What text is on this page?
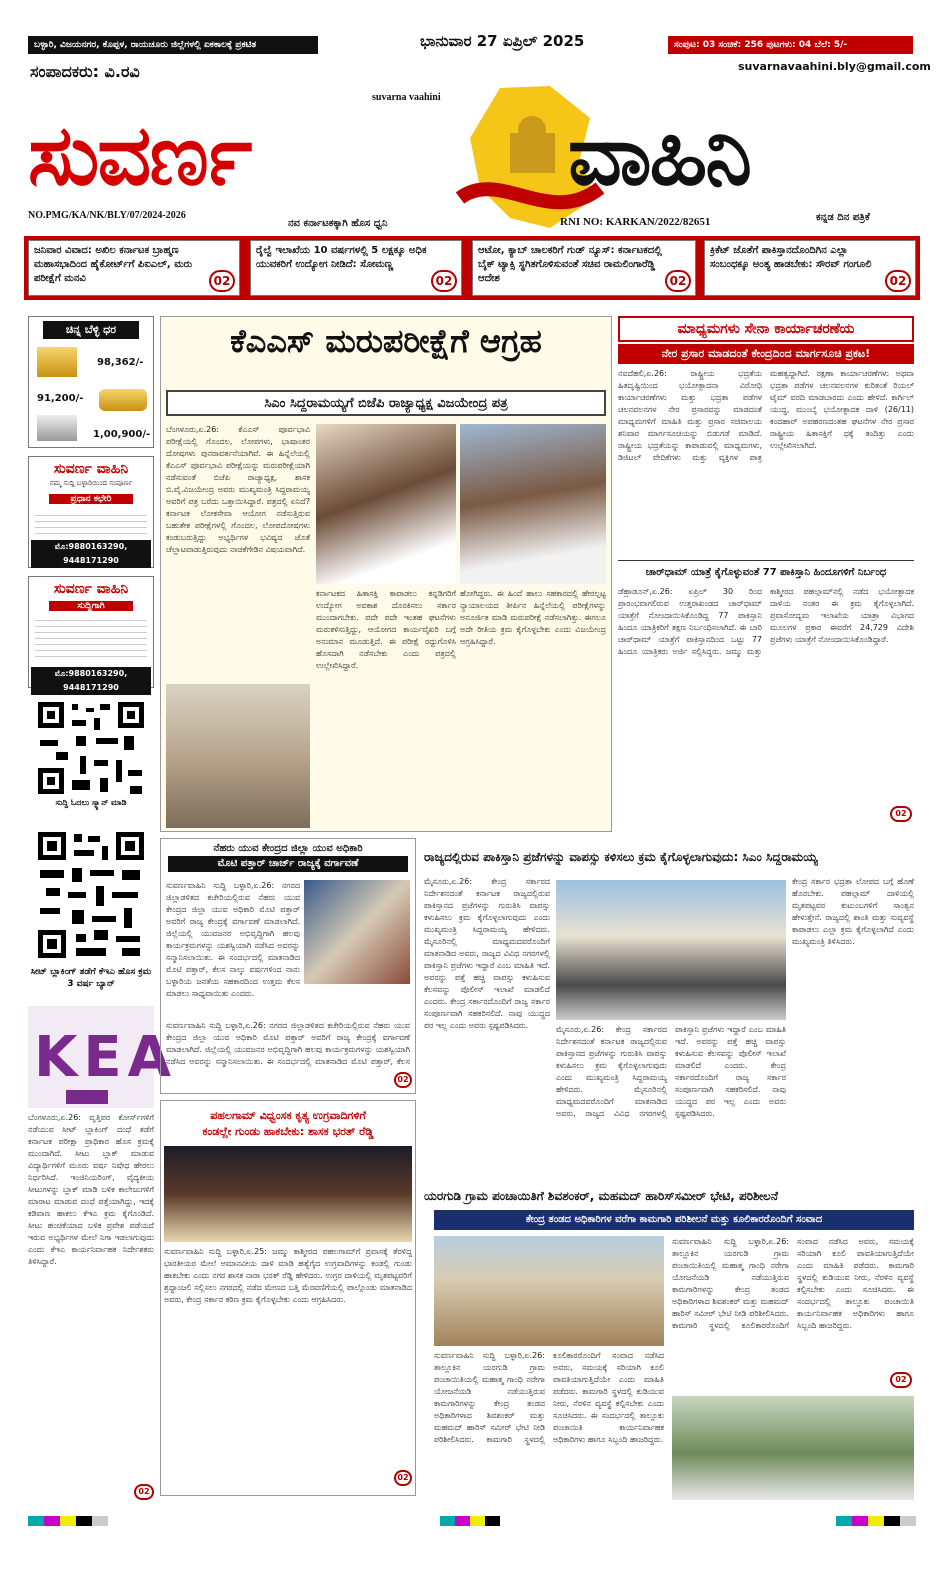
ಬಳ್ಳಾರಿ, ವಿಜಯನಗರ, ಕೊಪ್ಪಳ, ರಾಯಚೂರು ಜಿಲ್ಲೆಗಳಲ್ಲಿ ಏಕಕಾಲಕ್ಕೆ ಪ್ರಕಟಿತ	ಭಾನುವಾರ 27 ಏಪ್ರಿಲ್ 2025	ಸಂಪುಟ: 03 ಸಂಚಿಕೆ: 256 ಪುಟಗಳು: 04 ಬೆಲೆ: 5/-
ಸಂಪಾದಕರು: ವಿ.ರವಿ	suvarnavaahini.bly@gmail.com
suvarna vaahini
ಸುವರ್ಣ	ವಾಹಿನಿ
NO.PMG/KA/NK/BLY/07/2024-2026
ನವ ಕರ್ನಾಟಕಕ್ಕಾಗಿ ಹೊಸ ಧ್ವನಿ	RNI NO: KARKAN/2022/82651	ಕನ್ನಡ ದಿನ ಪತ್ರಿಕೆ
ಜನಿವಾರ ವಿವಾದ: ಅಖಿಲ ಕರ್ನಾಟಕ ಬ್ರಾಹ್ಮಣ ಮಹಾಸಭಾದಿಂದ ಹೈಕೋರ್ಟ್‌ಗೆ ಪಿಐಎಲ್, ಮರು ಪರೀಕ್ಷೆಗೆ ಮನವಿ	02
ರೈಲ್ವೆ ಇಲಾಖೆಯ 10 ವರ್ಷಗಳಲ್ಲಿ 5 ಲಕ್ಷಕ್ಕೂ ಅಧಿಕ ಯುವಕರಿಗೆ ಉದ್ಯೋಗ ನೀಡಿದೆ: ಸೋಮಣ್ಣ
02
ಆಟೋ, ಕ್ಯಾಬ್ ಚಾಲಕರಿಗೆ ಗುಡ್ ನ್ಯೂಸ್: ಕರ್ನಾಟಕದಲ್ಲಿ ಬೈಕ್ ಟ್ಯಾಕ್ಸಿ ಸ್ಥಗಿತಗೊಳಿಸುವಂತೆ ಸಚಿವ ರಾಮಲಿಂಗಾರೆಡ್ಡಿ ಆದೇಶ	02
ಕ್ರಿಕೆಟ್ ಜೊತೆಗೆ ಪಾಕಿಸ್ತಾನದೊಂದಿಗಿನ ಎಲ್ಲಾ ಸಂಬಂಧಕ್ಕೂ ಅಂತ್ಯ ಹಾಡಬೇಕು: ಸೌರವ್ ಗಂಗೂಲಿ
02
ಚಿನ್ನ ಬೆಳ್ಳಿ ಧರ
98,362/-
91,200/-
1,00,900/-
ಸುವರ್ಣ ವಾಹಿನಿ
ನಮ್ಮ ಸುದ್ದಿ ಬಳ್ಳಾರಿಯಿಂದ ಸಂಪೂರ್ಣ
ಪ್ರಧಾನ ಕಛೇರಿ
ಮೊ:9880163290, 9448171290
ಸುವರ್ಣ ವಾಹಿನಿ
ಸುದ್ದಿಗಾಗಿ
ಮೊ:9880163290, 9448171290
ಸುದ್ದಿ ಓದಲು ಸ್ಕ್ಯಾನ್ ಮಾಡಿ
ಸೀಟ್ ಬ್ಲಾಕಿಂಗ್ ತಡೆಗೆ ಕೆಇಎ ಹೊಸ ಕ್ರಮ 3 ವರ್ಷ ಬ್ಯಾನ್
KEA
ಬೆಂಗಳೂರು,ಏ.26: ವೃತ್ತಿಪರ ಕೋರ್ಸ್‌ಗಳಿಗೆ ನಡೆಯುವ ಸೀಟ್ ಬ್ಲಾಕಿಂಗ್ ದಂಧೆ ತಡೆಗೆ ಕರ್ನಾಟಕ ಪರೀಕ್ಷಾ ಪ್ರಾಧಿಕಾರ ಹೊಸ ಕ್ರಮಕ್ಕೆ ಮುಂದಾಗಿದೆ. ಸೀಟು ಬ್ಲಾಕ್ ಮಾಡುವ ವಿದ್ಯಾರ್ಥಿಗಳಿಗೆ ಮೂರು ವರ್ಷ ನಿಷೇಧ ಹೇರಲು ನಿರ್ಧರಿಸಿದೆ. ಇಂಜಿನಿಯರಿಂಗ್, ವೈದ್ಯಕೀಯ ಸೀಟುಗಳನ್ನು ಬ್ಲಾಕ್ ಮಾಡಿ ಬಳಿಕ ಕಾಲೇಜುಗಳಿಗೆ ಮಾರಾಟ ಮಾಡುವ ದಂಧೆ ಪತ್ತೆಯಾಗಿದ್ದು, ಇದಕ್ಕೆ ಕಡಿವಾಣ ಹಾಕಲು ಕೆಇಎ ಕ್ರಮ ಕೈಗೊಂಡಿದೆ. ಸೀಟು ಹಂಚಿಕೆಯಾದ ಬಳಿಕ ಪ್ರವೇಶ ಪಡೆಯದೆ ಇರುವ ಅಭ್ಯರ್ಥಿಗಳ ಮೇಲೆ ನಿಗಾ ಇಡಲಾಗುವುದು ಎಂದು ಕೆಇಎ ಕಾರ್ಯನಿರ್ವಾಹಕ ನಿರ್ದೇಶಕರು ತಿಳಿಸಿದ್ದಾರೆ.
02
ಕೆಎಎಸ್ ಮರುಪರೀಕ್ಷೆಗೆ ಆಗ್ರಹ
ಸಿಎಂ ಸಿದ್ದರಾಮಯ್ಯಗೆ ಬಿಜೆಪಿ ರಾಜ್ಯಾಧ್ಯಕ್ಷ ವಿಜಯೇಂದ್ರ ಪತ್ರ
ಬೆಂಗಳೂರು,ಏ.26: ಕೆಎಎಸ್ ಪೂರ್ವಭಾವಿ ಪರೀಕ್ಷೆಯಲ್ಲಿ ಗೊಂದಲ, ಲೋಪಗಳು, ಭಾಷಾಂತರ ದೋಷಗಳು ಪುನರಾವರ್ತನೆಯಾಗಿವೆ. ಈ ಹಿನ್ನೆಲೆಯಲ್ಲಿ ಕೆಎಎಸ್ ಪೂರ್ವಭಾವಿ ಪರೀಕ್ಷೆಯನ್ನು ಮರುಪರೀಕ್ಷೆಯಾಗಿ ನಡೆಸುವಂತೆ ಬಿಜೆಪಿ ರಾಜ್ಯಾಧ್ಯಕ್ಷ, ಶಾಸಕ ಬಿ.ವೈ.ವಿಜಯೇಂದ್ರ ಅವರು ಮುಖ್ಯಮಂತ್ರಿ ಸಿದ್ದರಾಮಯ್ಯ ಅವರಿಗೆ ಪತ್ರ ಬರೆದು ಒತ್ತಾಯಿಸಿದ್ದಾರೆ. ಪತ್ರದಲ್ಲಿ ಏನಿದೆ? ಕರ್ನಾಟಕ ಲೋಕಸೇವಾ ಆಯೋಗ ನಡೆಸುತ್ತಿರುವ ಬಹುತೇಕ ಪರೀಕ್ಷೆಗಳಲ್ಲಿ ಗೊಂದಲ, ಲೋಪದೋಷಗಳು ಕಂಡುಬರುತ್ತಿದ್ದು ಅಭ್ಯರ್ಥಿಗಳ ಭವಿಷ್ಯದ ಜೊತೆ ಚೆಲ್ಲಾಟವಾಡುತ್ತಿರುವುದು ನಾಚಿಕೆಗೇಡಿನ ವಿಷಯವಾಗಿದೆ.
ಕರ್ನಾಟಕದ ಹಿತಾಸಕ್ತಿ ಕಾಪಾಡಲು ಕನ್ನಡಿಗರಿಗೆ ಉದ್ಯೋಗ ಅವಕಾಶ ದೊರಕಿಸಲು ಸರ್ಕಾರ ಮುಂದಾಗಬೇಕು. ಪದೇ ಪದೇ ಇಂತಹ ಘಟನೆಗಳು ಮರುಕಳಿಸುತ್ತಿದ್ದು, ಆಯೋಗದ ಕಾರ್ಯವೈಖರಿ ಬಗ್ಗೆ ಅನುಮಾನ ಮೂಡುತ್ತಿದೆ. ಈ ಪರೀಕ್ಷೆ ರದ್ದುಗೊಳಿಸಿ ಹೊಸದಾಗಿ ನಡೆಸಬೇಕು ಎಂದು ಪತ್ರದಲ್ಲಿ ಉಲ್ಲೇಖಿಸಿದ್ದಾರೆ.
ಹೋಗಿದ್ದರು. ಈ ಹಿಂದೆ ಹಾಲು ಸಹಕಾರದಲ್ಲಿ ಹೇರಲ್ಪಟ್ಟ ನ್ಯಾಯಾಲಯದ ತೀರ್ಪಿನ ಹಿನ್ನೆಲೆಯಲ್ಲಿ ಪರೀಕ್ಷೆಗಳನ್ನು ಅನೂರ್ಜಿತ ಮಾಡಿ ಮರುಪರೀಕ್ಷೆ ನಡೆಸಲಾಗಿತ್ತು. ಈಗಲೂ ಅದೇ ರೀತಿಯ ಕ್ರಮ ಕೈಗೊಳ್ಳಬೇಕು ಎಂದು ವಿಜಯೇಂದ್ರ ಆಗ್ರಹಿಸಿದ್ದಾರೆ.
ಮಾಧ್ಯಮಗಳು ಸೇನಾ ಕಾರ್ಯಾಚರಣೆಯ
ನೇರ ಪ್ರಸಾರ ಮಾಡದಂತೆ ಕೇಂದ್ರದಿಂದ ಮಾರ್ಗಸೂಚಿ ಪ್ರಕಟ!
ನವದೆಹಲಿ,ಏ.26: ರಾಷ್ಟ್ರೀಯ ಭದ್ರತೆಯ ಹಿತದೃಷ್ಟಿಯಿಂದ ಭಯೋತ್ಪಾದನಾ ವಿರೋಧಿ ಕಾರ್ಯಾಚರಣೆಗಳು ಮತ್ತು ಭದ್ರತಾ ಪಡೆಗಳ ಚಲನವಲನಗಳ ನೇರ ಪ್ರಸಾರವನ್ನು ಮಾಡದಂತೆ ಮಾಧ್ಯಮಗಳಿಗೆ ಮಾಹಿತಿ ಮತ್ತು ಪ್ರಸಾರ ಸಚಿವಾಲಯ ಶನಿವಾರ ಮಾರ್ಗಸೂಚಿಯನ್ನು ಬಿಡುಗಡೆ ಮಾಡಿದೆ. ರಾಷ್ಟ್ರೀಯ ಭದ್ರತೆಯನ್ನು ಕಾಪಾಡುವಲ್ಲಿ ಮಾಧ್ಯಮಗಳು, ಡಿಜಿಟಲ್ ವೇದಿಕೆಗಳು ಮತ್ತು ವ್ಯಕ್ತಿಗಳ ಪಾತ್ರ ಮಹತ್ವದ್ದಾಗಿದೆ. ರಕ್ಷಣಾ ಕಾರ್ಯಾಚರಣೆಗಳು ಅಥವಾ ಭದ್ರತಾ ಪಡೆಗಳ ಚಲನವಲನಗಳ ಕುರಿತಂತೆ ರಿಯಲ್ ಟೈಮ್ ವರದಿ ಮಾಡಬಾರದು ಎಂದು ಹೇಳಿದೆ. ಕಾರ್ಗಿಲ್ ಯುದ್ಧ, ಮುಂಬೈ ಭಯೋತ್ಪಾದಕ ದಾಳಿ (26/11) ಕಂದಹಾರ್ ಅಪಹರಣದಂತಹ ಘಟನೆಗಳ ನೇರ ಪ್ರಸಾರ ರಾಷ್ಟ್ರೀಯ ಹಿತಾಸಕ್ತಿಗೆ ಧಕ್ಕೆ ತಂದಿತ್ತು ಎಂದು ಉಲ್ಲೇಖಿಸಲಾಗಿದೆ.
ಚಾರ್‌ಧಾಮ್ ಯಾತ್ರೆ ಕೈಗೊಳ್ಳುವಂತೆ 77 ಪಾಕಿಸ್ತಾನಿ ಹಿಂದೂಗಳಿಗೆ ನಿರ್ಬಂಧ
ಡೆಹ್ರಾಡೂನ್,ಏ.26: ಏಪ್ರಿಲ್ 30 ರಿಂದ ಪ್ರಾರಂಭವಾಗಲಿರುವ ಉತ್ತರಾಖಂಡದ ಚಾರ್‌ಧಾಮ್ ಯಾತ್ರೆಗೆ ನೋಂದಾಯಿಸಿಕೊಂಡಿದ್ದ 77 ಪಾಕಿಸ್ತಾನಿ ಹಿಂದೂ ಯಾತ್ರಿಕರಿಗೆ ತಕ್ಷಣ ನಿರ್ಬಂಧಿಸಲಾಗಿದೆ. ಈ ಬಾರಿ ಚಾರ್‌ಧಾಮ್ ಯಾತ್ರೆಗೆ ಪಾಕಿಸ್ತಾನದಿಂದ ಒಟ್ಟು 77 ಹಿಂದೂ ಯಾತ್ರಿಕರು ಅರ್ಜಿ ಸಲ್ಲಿಸಿದ್ದರು. ಜಮ್ಮು ಮತ್ತು ಕಾಶ್ಮೀರದ ಪಹಲ್ಗಾಮ್‌ನಲ್ಲಿ ನಡೆದ ಭಯೋತ್ಪಾದಕ ದಾಳಿಯ ನಂತರ ಈ ಕ್ರಮ ಕೈಗೊಳ್ಳಲಾಗಿದೆ. ಪ್ರವಾಸೋದ್ಯಮ ಇಲಾಖೆಯ ಯಾತ್ರಾ ವಿಭಾಗದ ಮೂಲಗಳ ಪ್ರಕಾರ ಈವರೆಗೆ 24,729 ವಿದೇಶಿ ಪ್ರಜೆಗಳು ಯಾತ್ರೆಗೆ ನೋಂದಾಯಿಸಿಕೊಂಡಿದ್ದಾರೆ.
02
ನೆಹರು ಯುವ ಕೇಂದ್ರದ ಜಿಲ್ಲಾ ಯುವ ಅಧಿಕಾರಿ
ಮೊಟಿ ಪತ್ತಾರ್ ಚಾರ್ಜ್ ರಾಜ್ಯಕ್ಕೆ ವರ್ಗಾವಣೆ
ಸುವರ್ಣವಾಹಿನಿ ಸುದ್ದಿ ಬಳ್ಳಾರಿ,ಏ.26: ನಗರದ ಜಿಲ್ಲಾಡಳಿತದ ಕಚೇರಿಯಲ್ಲಿರುವ ನೆಹರು ಯುವ ಕೇಂದ್ರದ ಜಿಲ್ಲಾ ಯುವ ಅಧಿಕಾರಿ ಮೊಟಿ ಪತ್ತಾರ್ ಅವರಿಗೆ ರಾಜ್ಯ ಕೇಂದ್ರಕ್ಕೆ ವರ್ಗಾವಣೆ ಮಾಡಲಾಗಿದೆ. ಜಿಲ್ಲೆಯಲ್ಲಿ ಯುವಜನರ ಅಭಿವೃದ್ಧಿಗಾಗಿ ಹಲವು ಕಾರ್ಯಕ್ರಮಗಳನ್ನು ಯಶಸ್ವಿಯಾಗಿ ನಡೆಸಿದ ಅವರನ್ನು ಸನ್ಮಾನಿಸಲಾಯಿತು. ಈ ಸಂದರ್ಭದಲ್ಲಿ ಮಾತನಾಡಿದ ಮೊಟಿ ಪತ್ತಾರ್, ಕೆಲಸ ನಾಲ್ಕು ವರ್ಷಗಳಿಂದ ನಾನು ಬಳ್ಳಾರಿಯ ಜನತೆಯ ಸಹಕಾರದಿಂದ ಉತ್ತಮ ಕೆಲಸ ಮಾಡಲು ಸಾಧ್ಯವಾಯಿತು ಎಂದರು.
ಸುವರ್ಣವಾಹಿನಿ ಸುದ್ದಿ ಬಳ್ಳಾರಿ,ಏ.26: ನಗರದ ಜಿಲ್ಲಾಡಳಿತದ ಕಚೇರಿಯಲ್ಲಿರುವ ನೆಹರು ಯುವ ಕೇಂದ್ರದ ಜಿಲ್ಲಾ ಯುವ ಅಧಿಕಾರಿ ಮೊಟಿ ಪತ್ತಾರ್ ಅವರಿಗೆ ರಾಜ್ಯ ಕೇಂದ್ರಕ್ಕೆ ವರ್ಗಾವಣೆ ಮಾಡಲಾಗಿದೆ. ಜಿಲ್ಲೆಯಲ್ಲಿ ಯುವಜನರ ಅಭಿವೃದ್ಧಿಗಾಗಿ ಹಲವು ಕಾರ್ಯಕ್ರಮಗಳನ್ನು ಯಶಸ್ವಿಯಾಗಿ ನಡೆಸಿದ ಅವರನ್ನು ಸನ್ಮಾನಿಸಲಾಯಿತು. ಈ ಸಂದರ್ಭದಲ್ಲಿ ಮಾತನಾಡಿದ ಮೊಟಿ ಪತ್ತಾರ್, ಕೆಲಸ
02
ರಾಜ್ಯದಲ್ಲಿರುವ ಪಾಕಿಸ್ತಾನಿ ಪ್ರಜೆಗಳನ್ನು ವಾಪಸ್ಸು ಕಳಿಸಲು ಕ್ರಮ ಕೈಗೊಳ್ಳಲಾಗುವುದು: ಸಿಎಂ ಸಿದ್ದರಾಮಯ್ಯ
ಮೈಸೂರು,ಏ.26: ಕೇಂದ್ರ ಸರ್ಕಾರದ ನಿರ್ದೇಶನದಂತೆ ಕರ್ನಾಟಕ ರಾಜ್ಯದಲ್ಲಿರುವ ಪಾಕಿಸ್ತಾನದ ಪ್ರಜೆಗಳನ್ನು ಗುರುತಿಸಿ ವಾಪಸ್ಸು ಕಳುಹಿಸಲು ಕ್ರಮ ಕೈಗೊಳ್ಳಲಾಗುವುದು ಎಂದು ಮುಖ್ಯಮಂತ್ರಿ ಸಿದ್ದರಾಮಯ್ಯ ಹೇಳಿದರು. ಮೈಸೂರಿನಲ್ಲಿ ಮಾಧ್ಯಮದವರೊಂದಿಗೆ ಮಾತನಾಡಿದ ಅವರು, ರಾಜ್ಯದ ವಿವಿಧ ನಗರಗಳಲ್ಲಿ ಪಾಕಿಸ್ತಾನಿ ಪ್ರಜೆಗಳು ಇದ್ದಾರೆ ಎಂಬ ಮಾಹಿತಿ ಇದೆ. ಅವರನ್ನು ಪತ್ತೆ ಹಚ್ಚಿ ವಾಪಸ್ಸು ಕಳುಹಿಸುವ ಕೆಲಸವನ್ನು ಪೊಲೀಸ್ ಇಲಾಖೆ ಮಾಡಲಿದೆ ಎಂದರು. ಕೇಂದ್ರ ಸರ್ಕಾರದೊಂದಿಗೆ ರಾಜ್ಯ ಸರ್ಕಾರ ಸಂಪೂರ್ಣವಾಗಿ ಸಹಕರಿಸಲಿದೆ. ನಾವು ಯುದ್ಧದ ಪರ ಇಲ್ಲ ಎಂದು ಅವರು ಸ್ಪಷ್ಟಪಡಿಸಿದರು.	ಮೈಸೂರು,ಏ.26: ಕೇಂದ್ರ ಸರ್ಕಾರದ ನಿರ್ದೇಶನದಂತೆ ಕರ್ನಾಟಕ ರಾಜ್ಯದಲ್ಲಿರುವ ಪಾಕಿಸ್ತಾನದ ಪ್ರಜೆಗಳನ್ನು ಗುರುತಿಸಿ ವಾಪಸ್ಸು ಕಳುಹಿಸಲು ಕ್ರಮ ಕೈಗೊಳ್ಳಲಾಗುವುದು ಎಂದು ಮುಖ್ಯಮಂತ್ರಿ ಸಿದ್ದರಾಮಯ್ಯ ಹೇಳಿದರು. ಮೈಸೂರಿನಲ್ಲಿ ಮಾಧ್ಯಮದವರೊಂದಿಗೆ ಮಾತನಾಡಿದ ಅವರು, ರಾಜ್ಯದ ವಿವಿಧ ನಗರಗಳಲ್ಲಿ ಪಾಕಿಸ್ತಾನಿ ಪ್ರಜೆಗಳು ಇದ್ದಾರೆ ಎಂಬ ಮಾಹಿತಿ ಇದೆ. ಅವರನ್ನು ಪತ್ತೆ ಹಚ್ಚಿ ವಾಪಸ್ಸು ಕಳುಹಿಸುವ ಕೆಲಸವನ್ನು ಪೊಲೀಸ್ ಇಲಾಖೆ ಮಾಡಲಿದೆ ಎಂದರು. ಕೇಂದ್ರ ಸರ್ಕಾರದೊಂದಿಗೆ ರಾಜ್ಯ ಸರ್ಕಾರ ಸಂಪೂರ್ಣವಾಗಿ ಸಹಕರಿಸಲಿದೆ. ನಾವು ಯುದ್ಧದ ಪರ ಇಲ್ಲ ಎಂದು ಅವರು ಸ್ಪಷ್ಟಪಡಿಸಿದರು.
ಕೇಂದ್ರ ಸರ್ಕಾರ ಭದ್ರತಾ ಲೋಪದ ಬಗ್ಗೆ ಹೊಣೆ ಹೊರಬೇಕು. ಪಹಲ್ಗಾಮ್ ದಾಳಿಯಲ್ಲಿ ಮೃತಪಟ್ಟವರ ಕುಟುಂಬಗಳಿಗೆ ಸಾಂತ್ವನ ಹೇಳುತ್ತೇನೆ. ರಾಜ್ಯದಲ್ಲಿ ಶಾಂತಿ ಮತ್ತು ಸುವ್ಯವಸ್ಥೆ ಕಾಪಾಡಲು ಎಲ್ಲಾ ಕ್ರಮ ಕೈಗೊಳ್ಳಲಾಗಿದೆ ಎಂದು ಮುಖ್ಯಮಂತ್ರಿ ತಿಳಿಸಿದರು.
ಪಹಲಗಾಮ್ ವಿಧ್ವಂಸಕ ಕೃತ್ಯ ಉಗ್ರವಾದಿಗಳಿಗೆ
ಕಂಡಲ್ಲೇ ಗುಂಡು ಹಾಕಬೇಕು: ಶಾಸಕ ಭರತ್ ರೆಡ್ಡಿ
ಸುವರ್ಣವಾಹಿನಿ ಸುದ್ದಿ ಬಳ್ಳಾರಿ,ಏ.25: ಜಮ್ಮು ಕಾಶ್ಮೀರದ ಪಹಲಗಾಮ್‌ಗೆ ಪ್ರವಾಸಕ್ಕೆ ತೆರಳಿದ್ದ ಭಾರತೀಯರ ಮೇಲೆ ಅಮಾನವೀಯ ದಾಳಿ ಮಾಡಿ ಹತ್ಯೆಗೈದ ಉಗ್ರವಾದಿಗಳನ್ನು ಕಂಡಲ್ಲಿ ಗುಂಡು ಹಾಕಬೇಕು ಎಂದು ನಗರ ಶಾಸಕ ನಾರಾ ಭರತ್ ರೆಡ್ಡಿ ಹೇಳಿದರು. ಉಗ್ರರ ದಾಳಿಯಲ್ಲಿ ಮೃತಪಟ್ಟವರಿಗೆ ಶ್ರದ್ಧಾಂಜಲಿ ಸಲ್ಲಿಸಲು ನಗರದಲ್ಲಿ ನಡೆದ ಮೇಣದ ಬತ್ತಿ ಮೆರವಣಿಗೆಯಲ್ಲಿ ಪಾಲ್ಗೊಂಡು ಮಾತನಾಡಿದ ಅವರು, ಕೇಂದ್ರ ಸರ್ಕಾರ ಕಠಿಣ ಕ್ರಮ ಕೈಗೊಳ್ಳಬೇಕು ಎಂದು ಆಗ್ರಹಿಸಿದರು.
02
ಯರಗುಡಿ ಗ್ರಾಮ ಪಂಚಾಯಿತಿಗೆ ಶಿವಶಂಕರ್, ಮಹಮದ್ ಹಾರಿಸ್‌ಸಮೀರ್ ಭೇಟಿ, ಪರಿಶೀಲನೆ
ಕೇಂದ್ರ ತಂಡದ ಅಧಿಕಾರಿಗಳ ವರೆಗಾ ಕಾಮಗಾರಿ ಪರಿಶೀಲನೆ ಮತ್ತು ಕೂಲಿಕಾರರೊಂದಿಗೆ ಸಂವಾದ
ಸುವರ್ಣವಾಹಿನಿ ಸುದ್ದಿ ಬಳ್ಳಾರಿ,ಏ.26: ತಾಲ್ಲೂಕಿನ ಯರಗುಡಿ ಗ್ರಾಮ ಪಂಚಾಯಿತಿಯಲ್ಲಿ ಮಹಾತ್ಮ ಗಾಂಧಿ ನರೇಗಾ ಯೋಜನೆಯಡಿ ನಡೆಯುತ್ತಿರುವ ಕಾಮಗಾರಿಗಳನ್ನು ಕೇಂದ್ರ ತಂಡದ ಅಧಿಕಾರಿಗಳಾದ ಶಿವಶಂಕರ್ ಮತ್ತು ಮಹಮದ್ ಹಾರಿಸ್ ಸಮೀರ್ ಭೇಟಿ ನೀಡಿ ಪರಿಶೀಲಿಸಿದರು. ಕಾಮಗಾರಿ ಸ್ಥಳದಲ್ಲಿ ಕೂಲಿಕಾರರೊಂದಿಗೆ ಸಂವಾದ ನಡೆಸಿದ ಅವರು, ಸಮಯಕ್ಕೆ ಸರಿಯಾಗಿ ಕೂಲಿ ಪಾವತಿಯಾಗುತ್ತಿದೆಯೇ ಎಂದು ಮಾಹಿತಿ ಪಡೆದರು. ಕಾಮಗಾರಿ ಸ್ಥಳದಲ್ಲಿ ಕುಡಿಯುವ ನೀರು, ನೆರಳಿನ ವ್ಯವಸ್ಥೆ ಕಲ್ಪಿಸಬೇಕು ಎಂದು ಸೂಚಿಸಿದರು. ಈ ಸಂದರ್ಭದಲ್ಲಿ ತಾಲ್ಲೂಕು ಪಂಚಾಯಿತಿ ಕಾರ್ಯನಿರ್ವಾಹಕ ಅಧಿಕಾರಿಗಳು ಹಾಗೂ ಸಿಬ್ಬಂದಿ ಹಾಜರಿದ್ದರು.
ಸುವರ್ಣವಾಹಿನಿ ಸುದ್ದಿ ಬಳ್ಳಾರಿ,ಏ.26: ತಾಲ್ಲೂಕಿನ ಯರಗುಡಿ ಗ್ರಾಮ ಪಂಚಾಯಿತಿಯಲ್ಲಿ ಮಹಾತ್ಮ ಗಾಂಧಿ ನರೇಗಾ ಯೋಜನೆಯಡಿ ನಡೆಯುತ್ತಿರುವ ಕಾಮಗಾರಿಗಳನ್ನು ಕೇಂದ್ರ ತಂಡದ ಅಧಿಕಾರಿಗಳಾದ ಶಿವಶಂಕರ್ ಮತ್ತು ಮಹಮದ್ ಹಾರಿಸ್ ಸಮೀರ್ ಭೇಟಿ ನೀಡಿ ಪರಿಶೀಲಿಸಿದರು. ಕಾಮಗಾರಿ ಸ್ಥಳದಲ್ಲಿ ಕೂಲಿಕಾರರೊಂದಿಗೆ ಸಂವಾದ ನಡೆಸಿದ ಅವರು, ಸಮಯಕ್ಕೆ ಸರಿಯಾಗಿ ಕೂಲಿ ಪಾವತಿಯಾಗುತ್ತಿದೆಯೇ ಎಂದು ಮಾಹಿತಿ ಪಡೆದರು. ಕಾಮಗಾರಿ ಸ್ಥಳದಲ್ಲಿ ಕುಡಿಯುವ ನೀರು, ನೆರಳಿನ ವ್ಯವಸ್ಥೆ ಕಲ್ಪಿಸಬೇಕು ಎಂದು ಸೂಚಿಸಿದರು. ಈ ಸಂದರ್ಭದಲ್ಲಿ ತಾಲ್ಲೂಕು ಪಂಚಾಯಿತಿ ಕಾರ್ಯನಿರ್ವಾಹಕ ಅಧಿಕಾರಿಗಳು ಹಾಗೂ ಸಿಬ್ಬಂದಿ ಹಾಜರಿದ್ದರು.
02
